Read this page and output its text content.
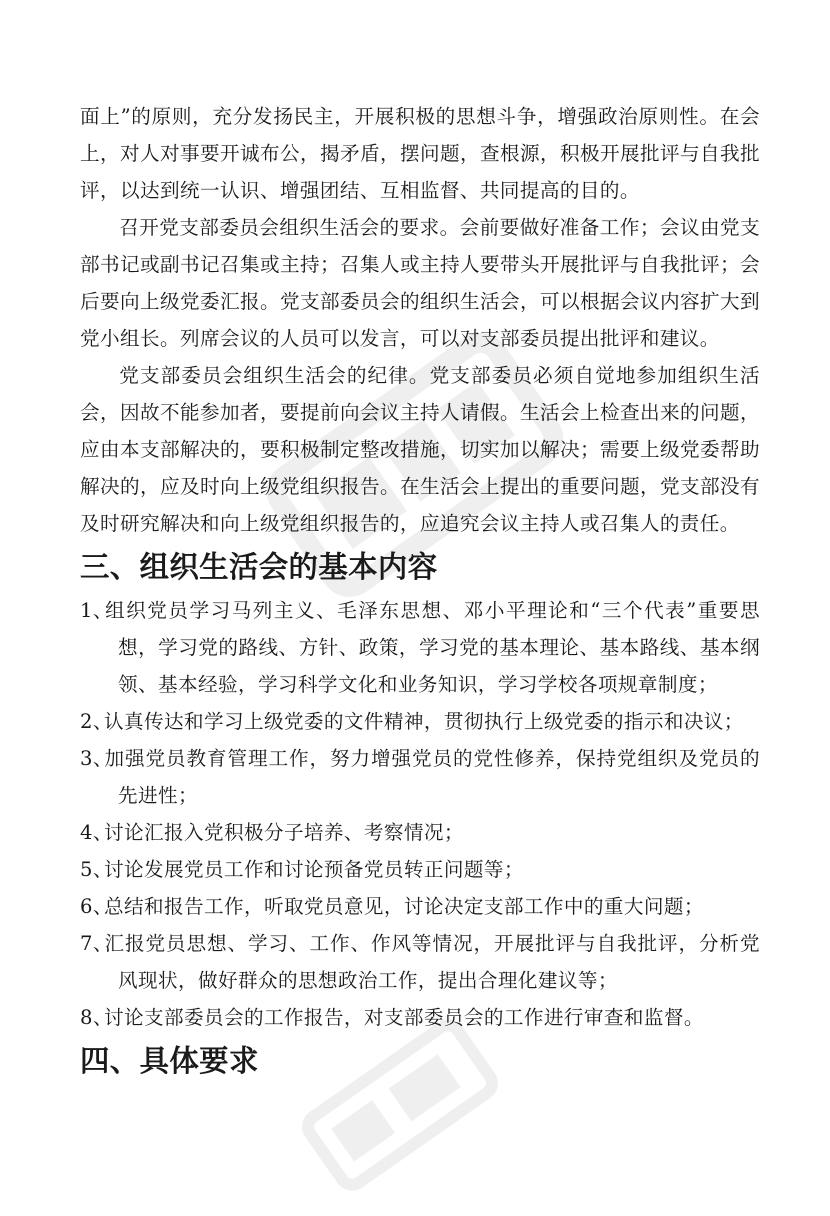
面上”的原则，充分发扬民主，开展积极的思想斗争，增强政治原则性。在会上，对人对事要开诚布公，揭矛盾，摆问题，查根源，积极开展批评与自我批评，以达到统一认识、增强团结、互相监督、共同提高的目的。

召开党支部委员会组织生活会的要求。会前要做好准备工作；会议由党支部书记或副书记召集或主持；召集人或主持人要带头开展批评与自我批评；会后要向上级党委汇报。党支部委员会的组织生活会，可以根据会议内容扩大到党小组长。列席会议的人员可以发言，可以对支部委员提出批评和建议。

党支部委员会组织生活会的纪律。党支部委员必须自觉地参加组织生活会，因故不能参加者，要提前向会议主持人请假。生活会上检查出来的问题，应由本支部解决的，要积极制定整改措施，切实加以解决；需要上级党委帮助解决的，应及时向上级党组织报告。在生活会上提出的重要问题，党支部没有及时研究解决和向上级党组织报告的，应追究会议主持人或召集人的责任。

三、组织生活会的基本内容

1、组织党员学习马列主义、毛泽东思想、邓小平理论和“三个代表”重要思想，学习党的路线、方针、政策，学习党的基本理论、基本路线、基本纲领、基本经验，学习科学文化和业务知识，学习学校各项规章制度；

2、认真传达和学习上级党委的文件精神，贯彻执行上级党委的指示和决议；

3、加强党员教育管理工作，努力增强党员的党性修养，保持党组织及党员的先进性；

4、讨论汇报入党积极分子培养、考察情况；

5、讨论发展党员工作和讨论预备党员转正问题等；

6、总结和报告工作，听取党员意见，讨论决定支部工作中的重大问题；

7、汇报党员思想、学习、工作、作风等情况，开展批评与自我批评，分析党风现状，做好群众的思想政治工作，提出合理化建议等；

8、讨论支部委员会的工作报告，对支部委员会的工作进行审查和监督。

四、具体要求
